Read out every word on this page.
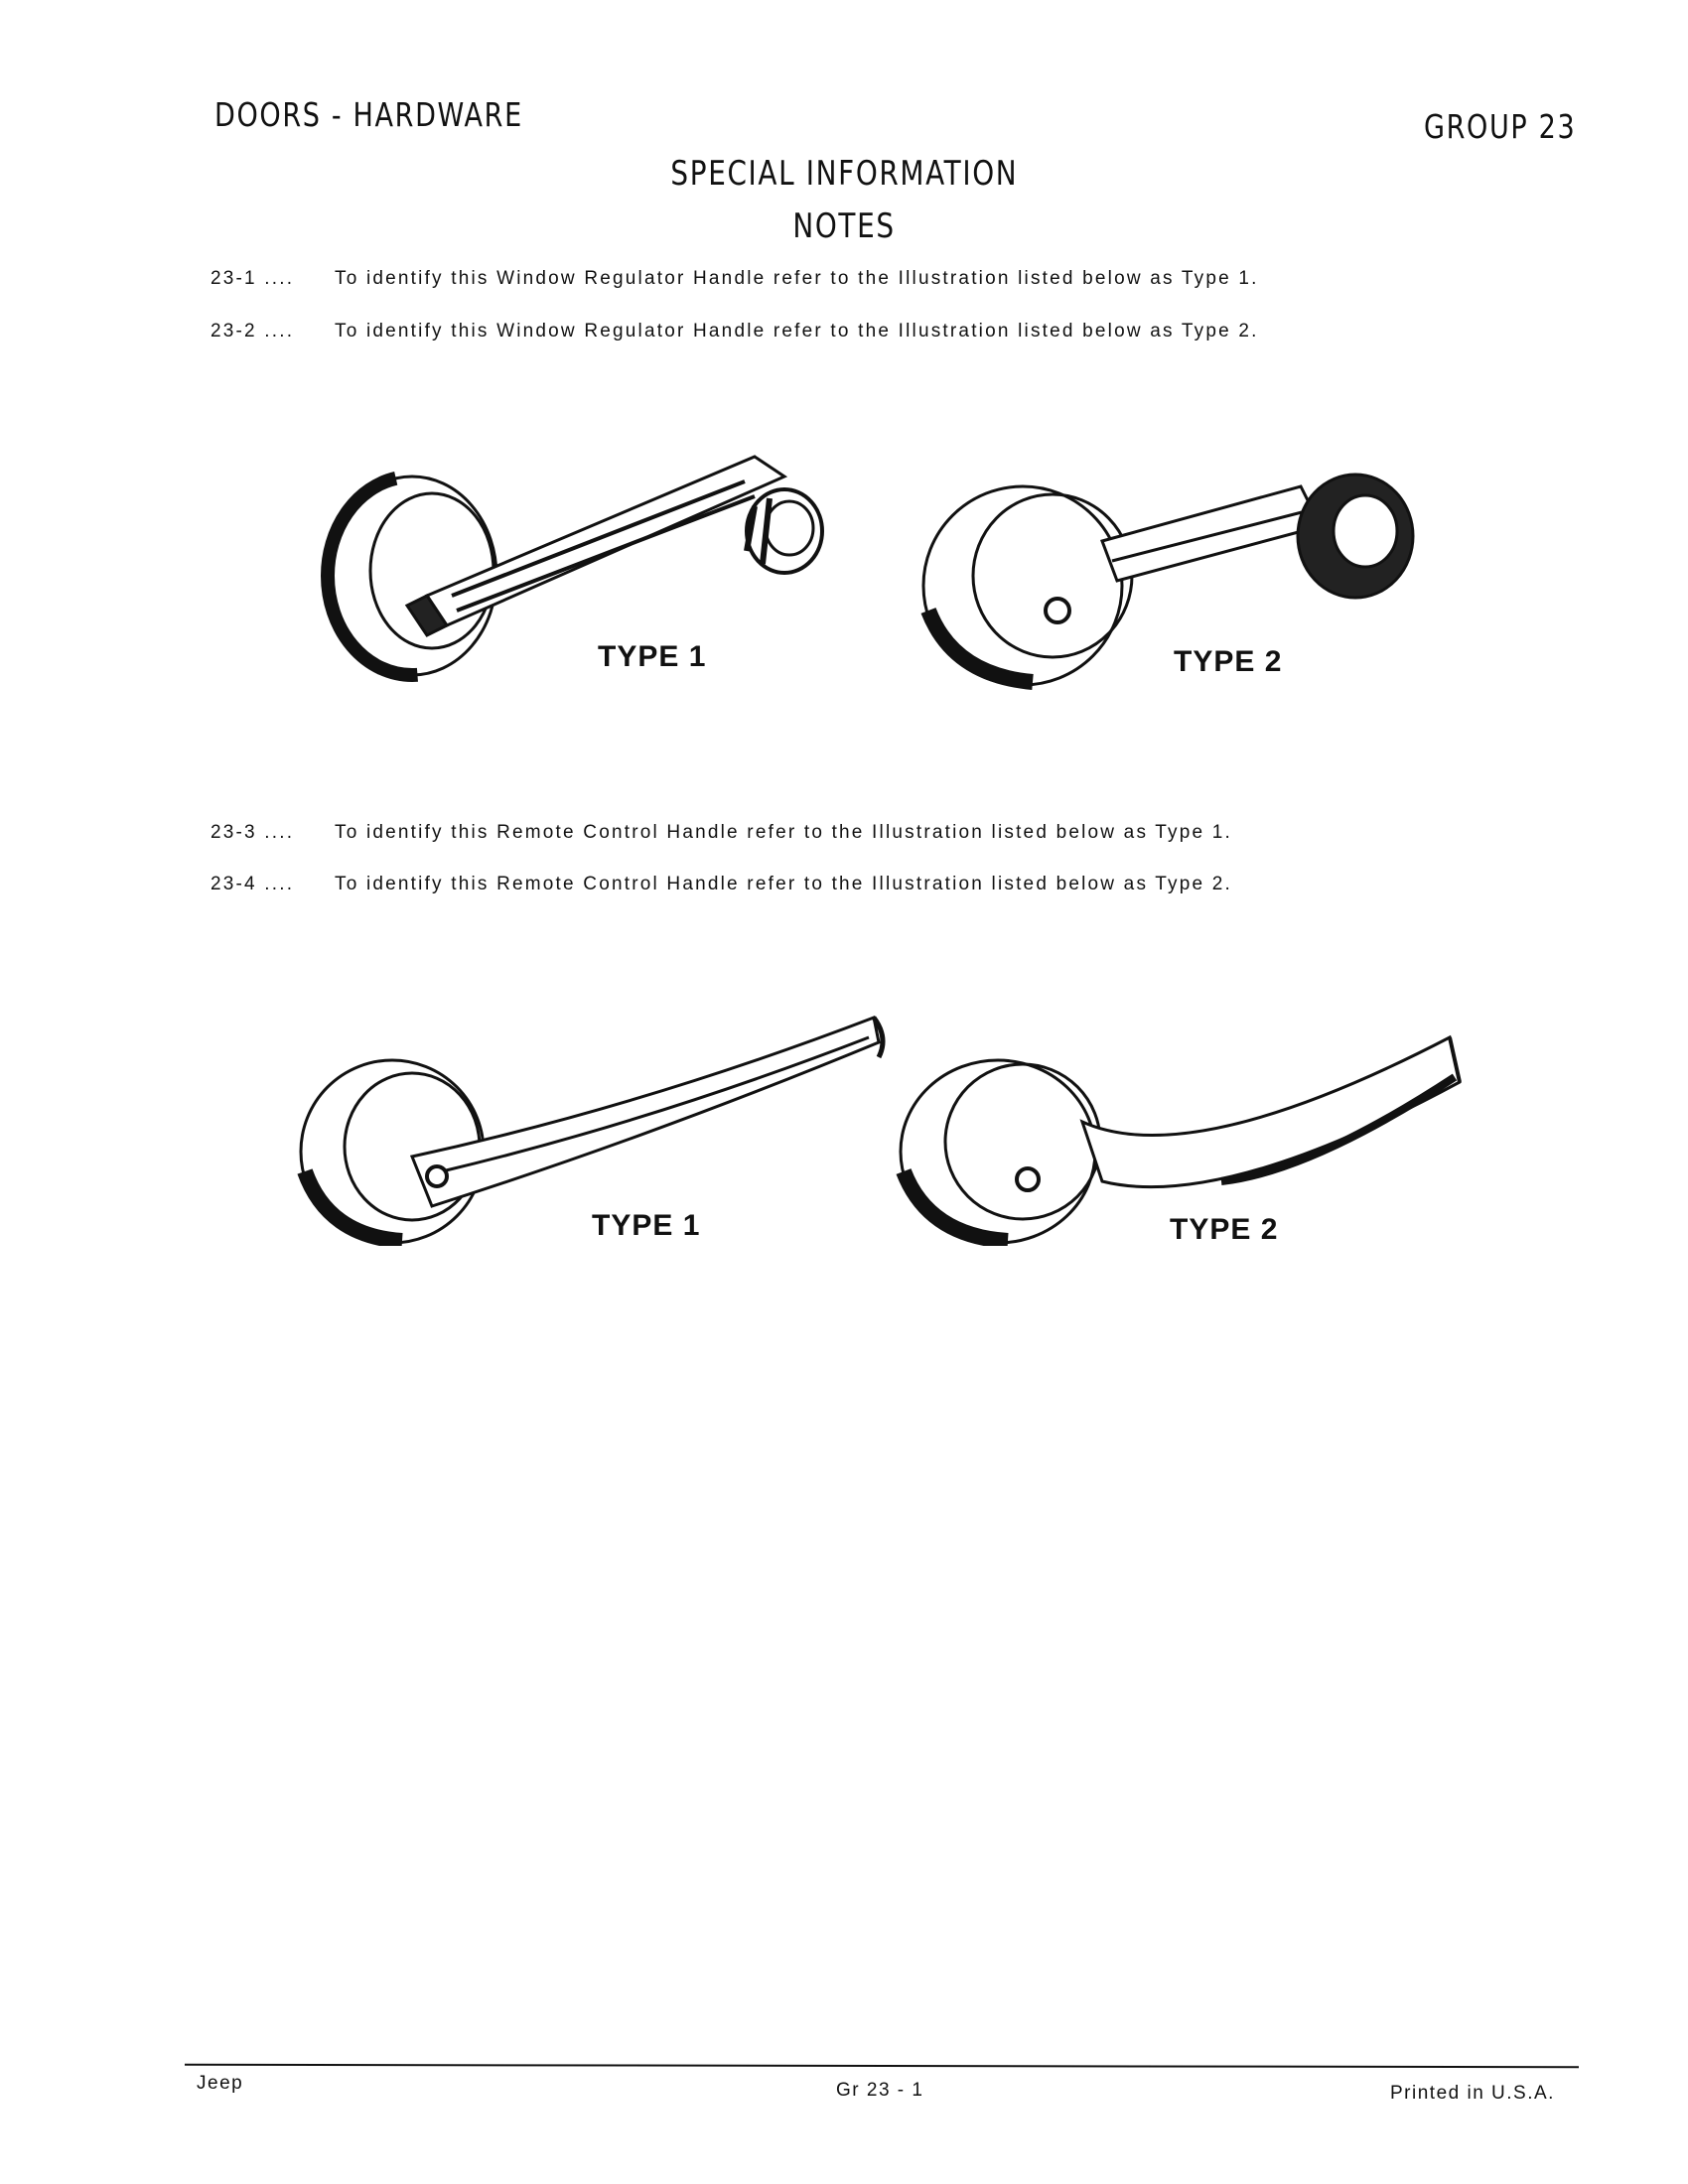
DOORS - HARDWARE	GROUP 23
SPECIAL INFORMATION
NOTES
23-1 .... To identify this Window Regulator Handle refer to the Illustration listed below as Type 1.
23-2 .... To identify this Window Regulator Handle refer to the Illustration listed below as Type 2.
TYPE 1	TYPE 2
23-3 .... To identify this Remote Control Handle refer to the Illustration listed below as Type 1.
23-4 .... To identify this Remote Control Handle refer to the Illustration listed below as Type 2.
TYPE 1	TYPE 2
Jeep	Gr 23 - 1	Printed in U.S.A.
